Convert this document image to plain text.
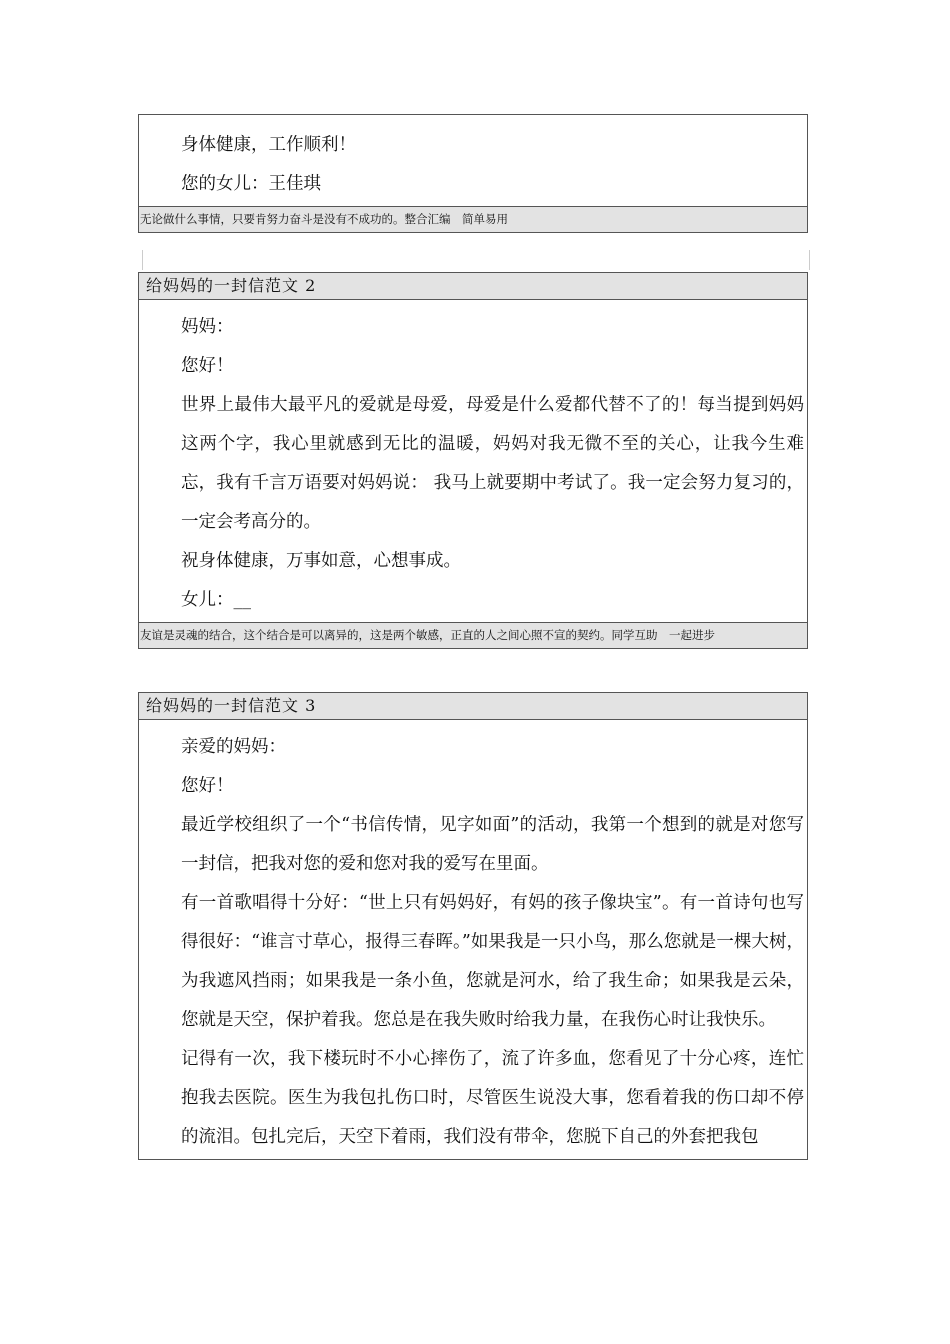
身体健康，工作顺利！

您的女儿：王佳琪

无论做什么事情，只要肯努力奋斗是没有不成功的。整合汇编　简单易用
给妈妈的一封信范文 2

妈妈：

您好！

世界上最伟大最平凡的爱就是母爱，母爱是什么爱都代替不了的！每当提到妈妈 这两个字，我心里就感到无比的温暖，妈妈对我无微不至的关心，让我今生难忘，我有千言万语要对妈妈说： 我马上就要期中考试了。我一定会努力复习的，一定会考高分的。

祝身体健康，万事如意，心想事成。

女儿：__

友谊是灵魂的结合，这个结合是可以离异的，这是两个敏感，正直的人之间心照不宣的契约。同学互助　一起进步
给妈妈的一封信范文 3

亲爱的妈妈：

您好！

最近学校组织了一个“书信传情，见字如面”的活动，我第一个想到的就是对您写一封信，把我对您的爱和您对我的爱写在里面。

有一首歌唱得十分好：“世上只有妈妈好，有妈的孩子像块宝”。有一首诗句也写得很好：“谁言寸草心，报得三春晖。”如果我是一只小鸟，那么您就是一棵大树，为我遮风挡雨；如果我是一条小鱼，您就是河水，给了我生命；如果我是云朵，您就是天空，保护着我。您总是在我失败时给我力量，在我伤心时让我快乐。

记得有一次，我下楼玩时不小心摔伤了，流了许多血，您看见了十分心疼，连忙抱我去医院。医生为我包扎伤口时，尽管医生说没大事，您看着我的伤口却不停的流泪。包扎完后，天空下着雨，我们没有带伞，您脱下自己的外套把我包
